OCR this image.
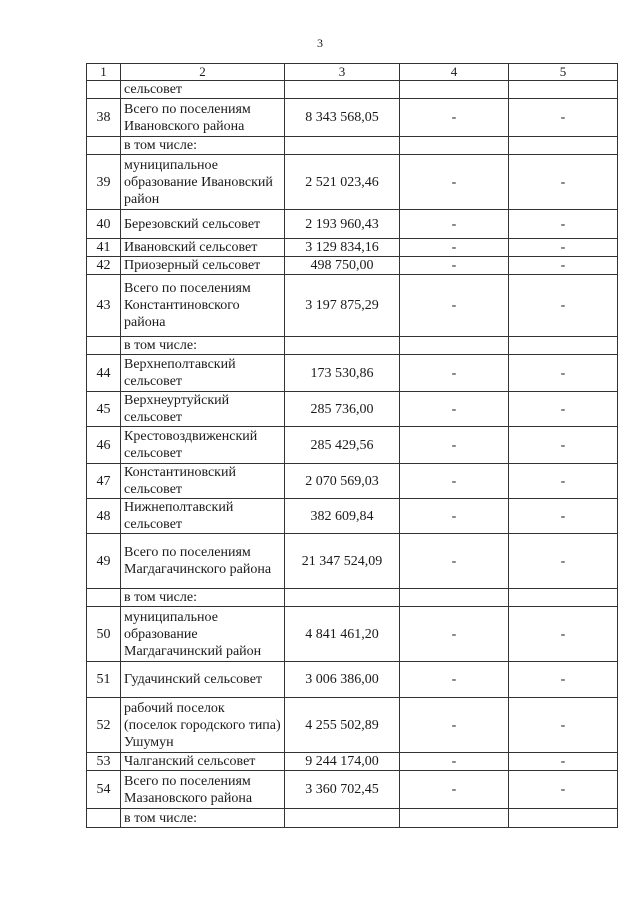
3
1	2	3	4	5
	сельсовет			
38	Всего по поселениям Ивановского района	8 343 568,05	-	-
	в том числе:			
39	муниципальное образование Ивановский район	2 521 023,46	-	-
40	Березовский сельсовет	2 193 960,43	-	-
41	Ивановский сельсовет	3 129 834,16	-	-
42	Приозерный сельсовет	498 750,00	-	-
43	Всего по поселениям Константиновского района	3 197 875,29	-	-
	в том числе:			
44	Верхнеполтавский сельсовет	173 530,86	-	-
45	Верхнеуртуйский сельсовет	285 736,00	-	-
46	Крестовоздвиженский сельсовет	285 429,56	-	-
47	Константиновский сельсовет	2 070 569,03	-	-
48	Нижнеполтавский сельсовет	382 609,84	-	-
49	Всего по поселениям Магдагачинского района	21 347 524,09	-	-
	в том числе:			
50	муниципальное образование Магдагачинский район	4 841 461,20	-	-
51	Гудачинский сельсовет	3 006 386,00	-	-
52	рабочий поселок (поселок городского типа) Ушумун	4 255 502,89	-	-
53	Чалганский сельсовет	9 244 174,00	-	-
54	Всего по поселениям Мазановского района	3 360 702,45	-	-
	в том числе:			
